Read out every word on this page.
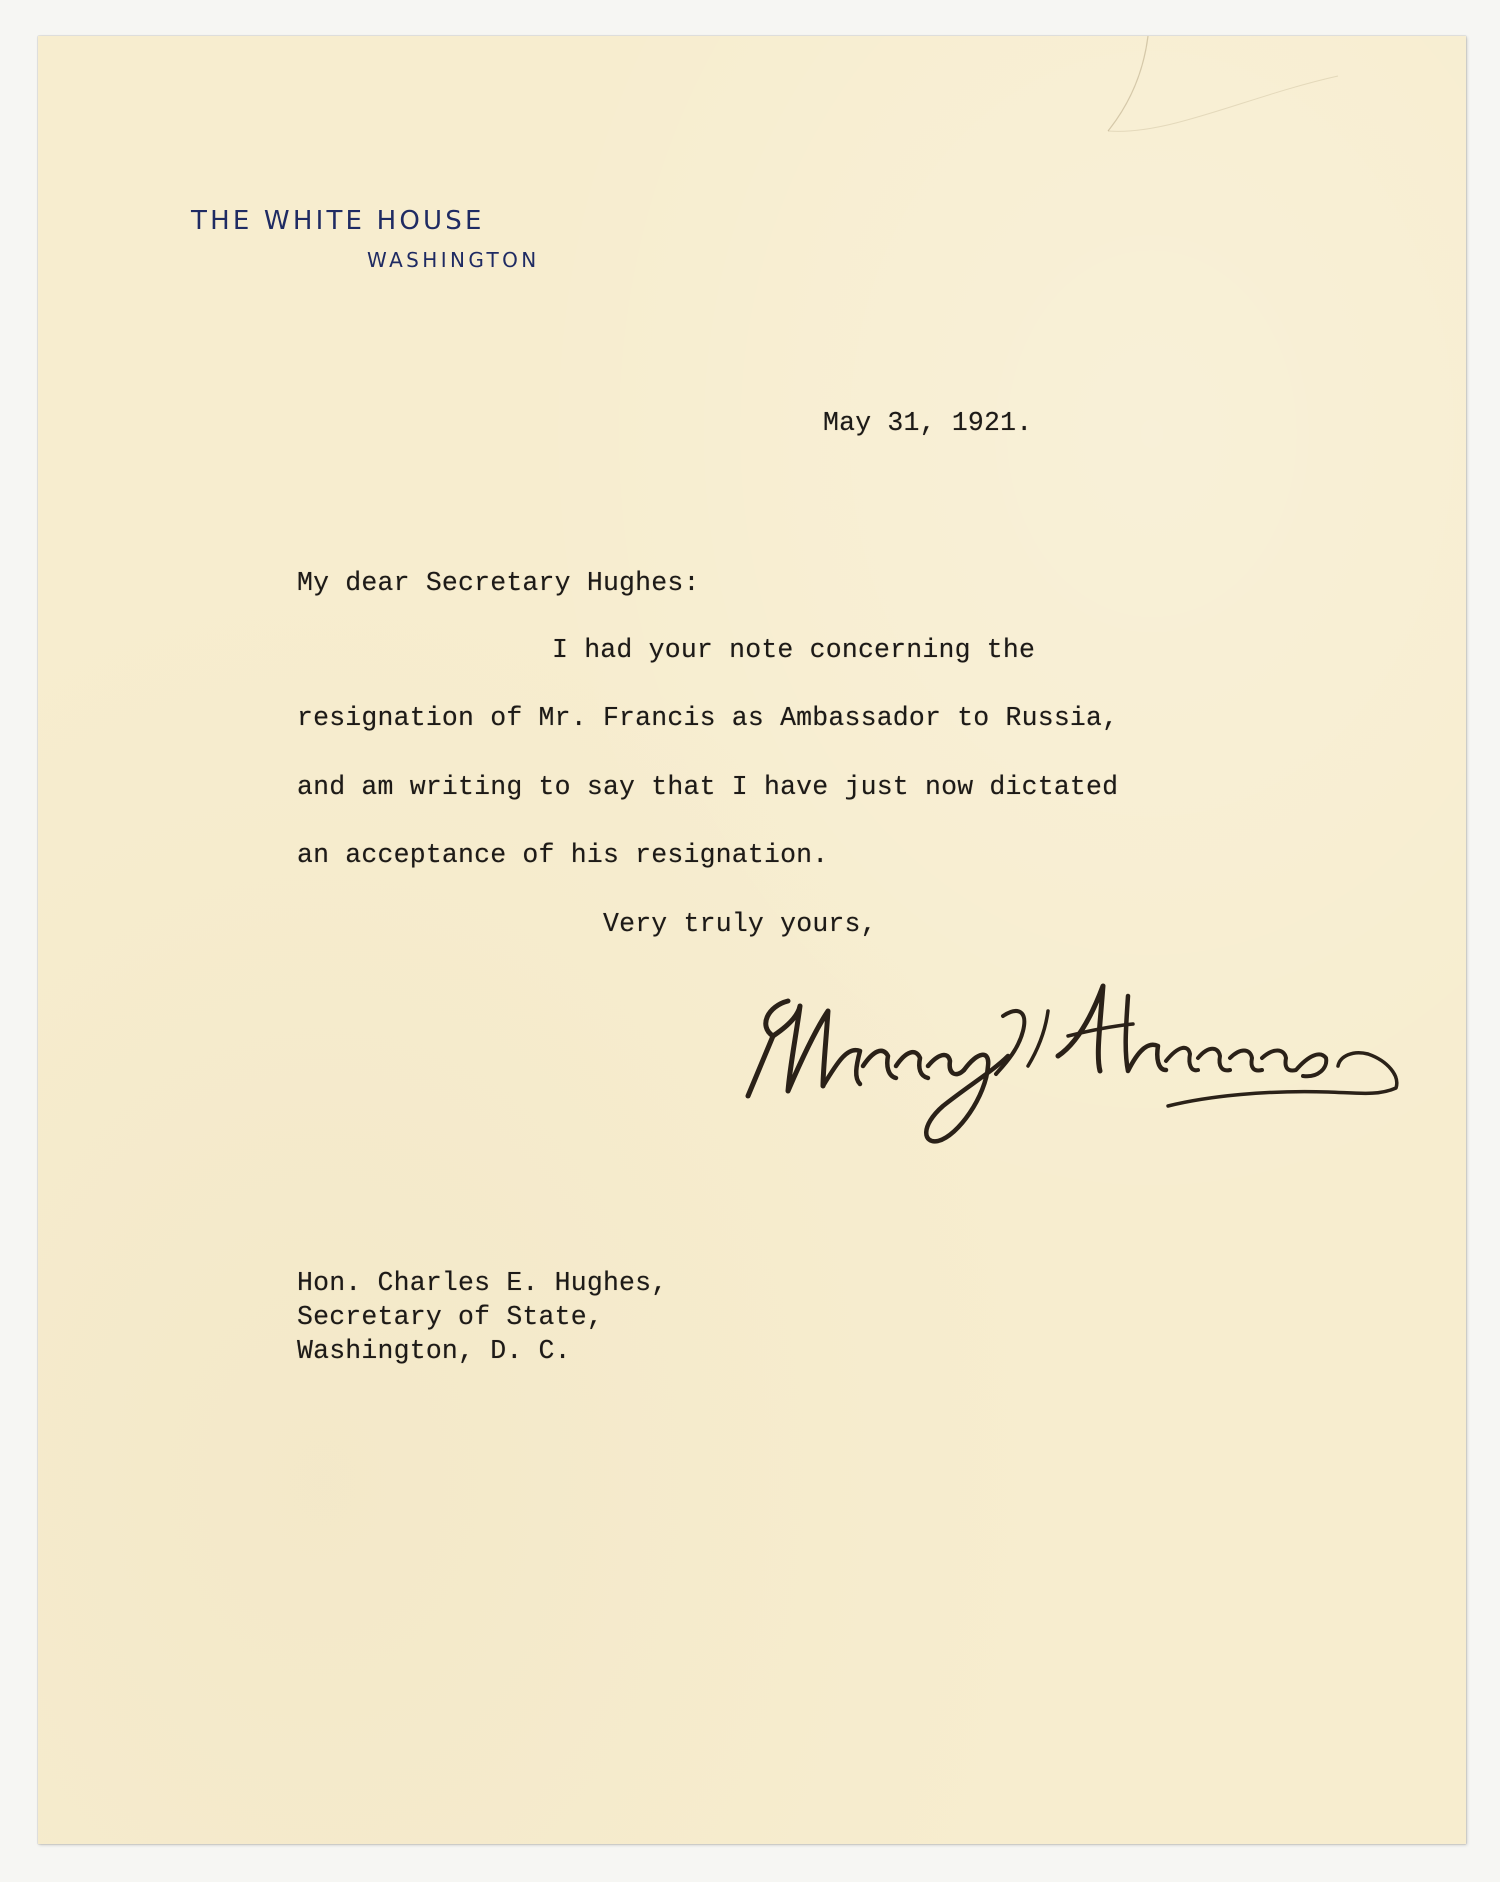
THE WHITE HOUSE
WASHINGTON
May 31, 1921.
My dear Secretary Hughes:
I had your note concerning the
resignation of Mr. Francis as Ambassador to Russia,
and am writing to say that I have just now dictated
an acceptance of his resignation.
Very truly yours,
Hon. Charles E. Hughes,
Secretary of State,
Washington, D. C.
